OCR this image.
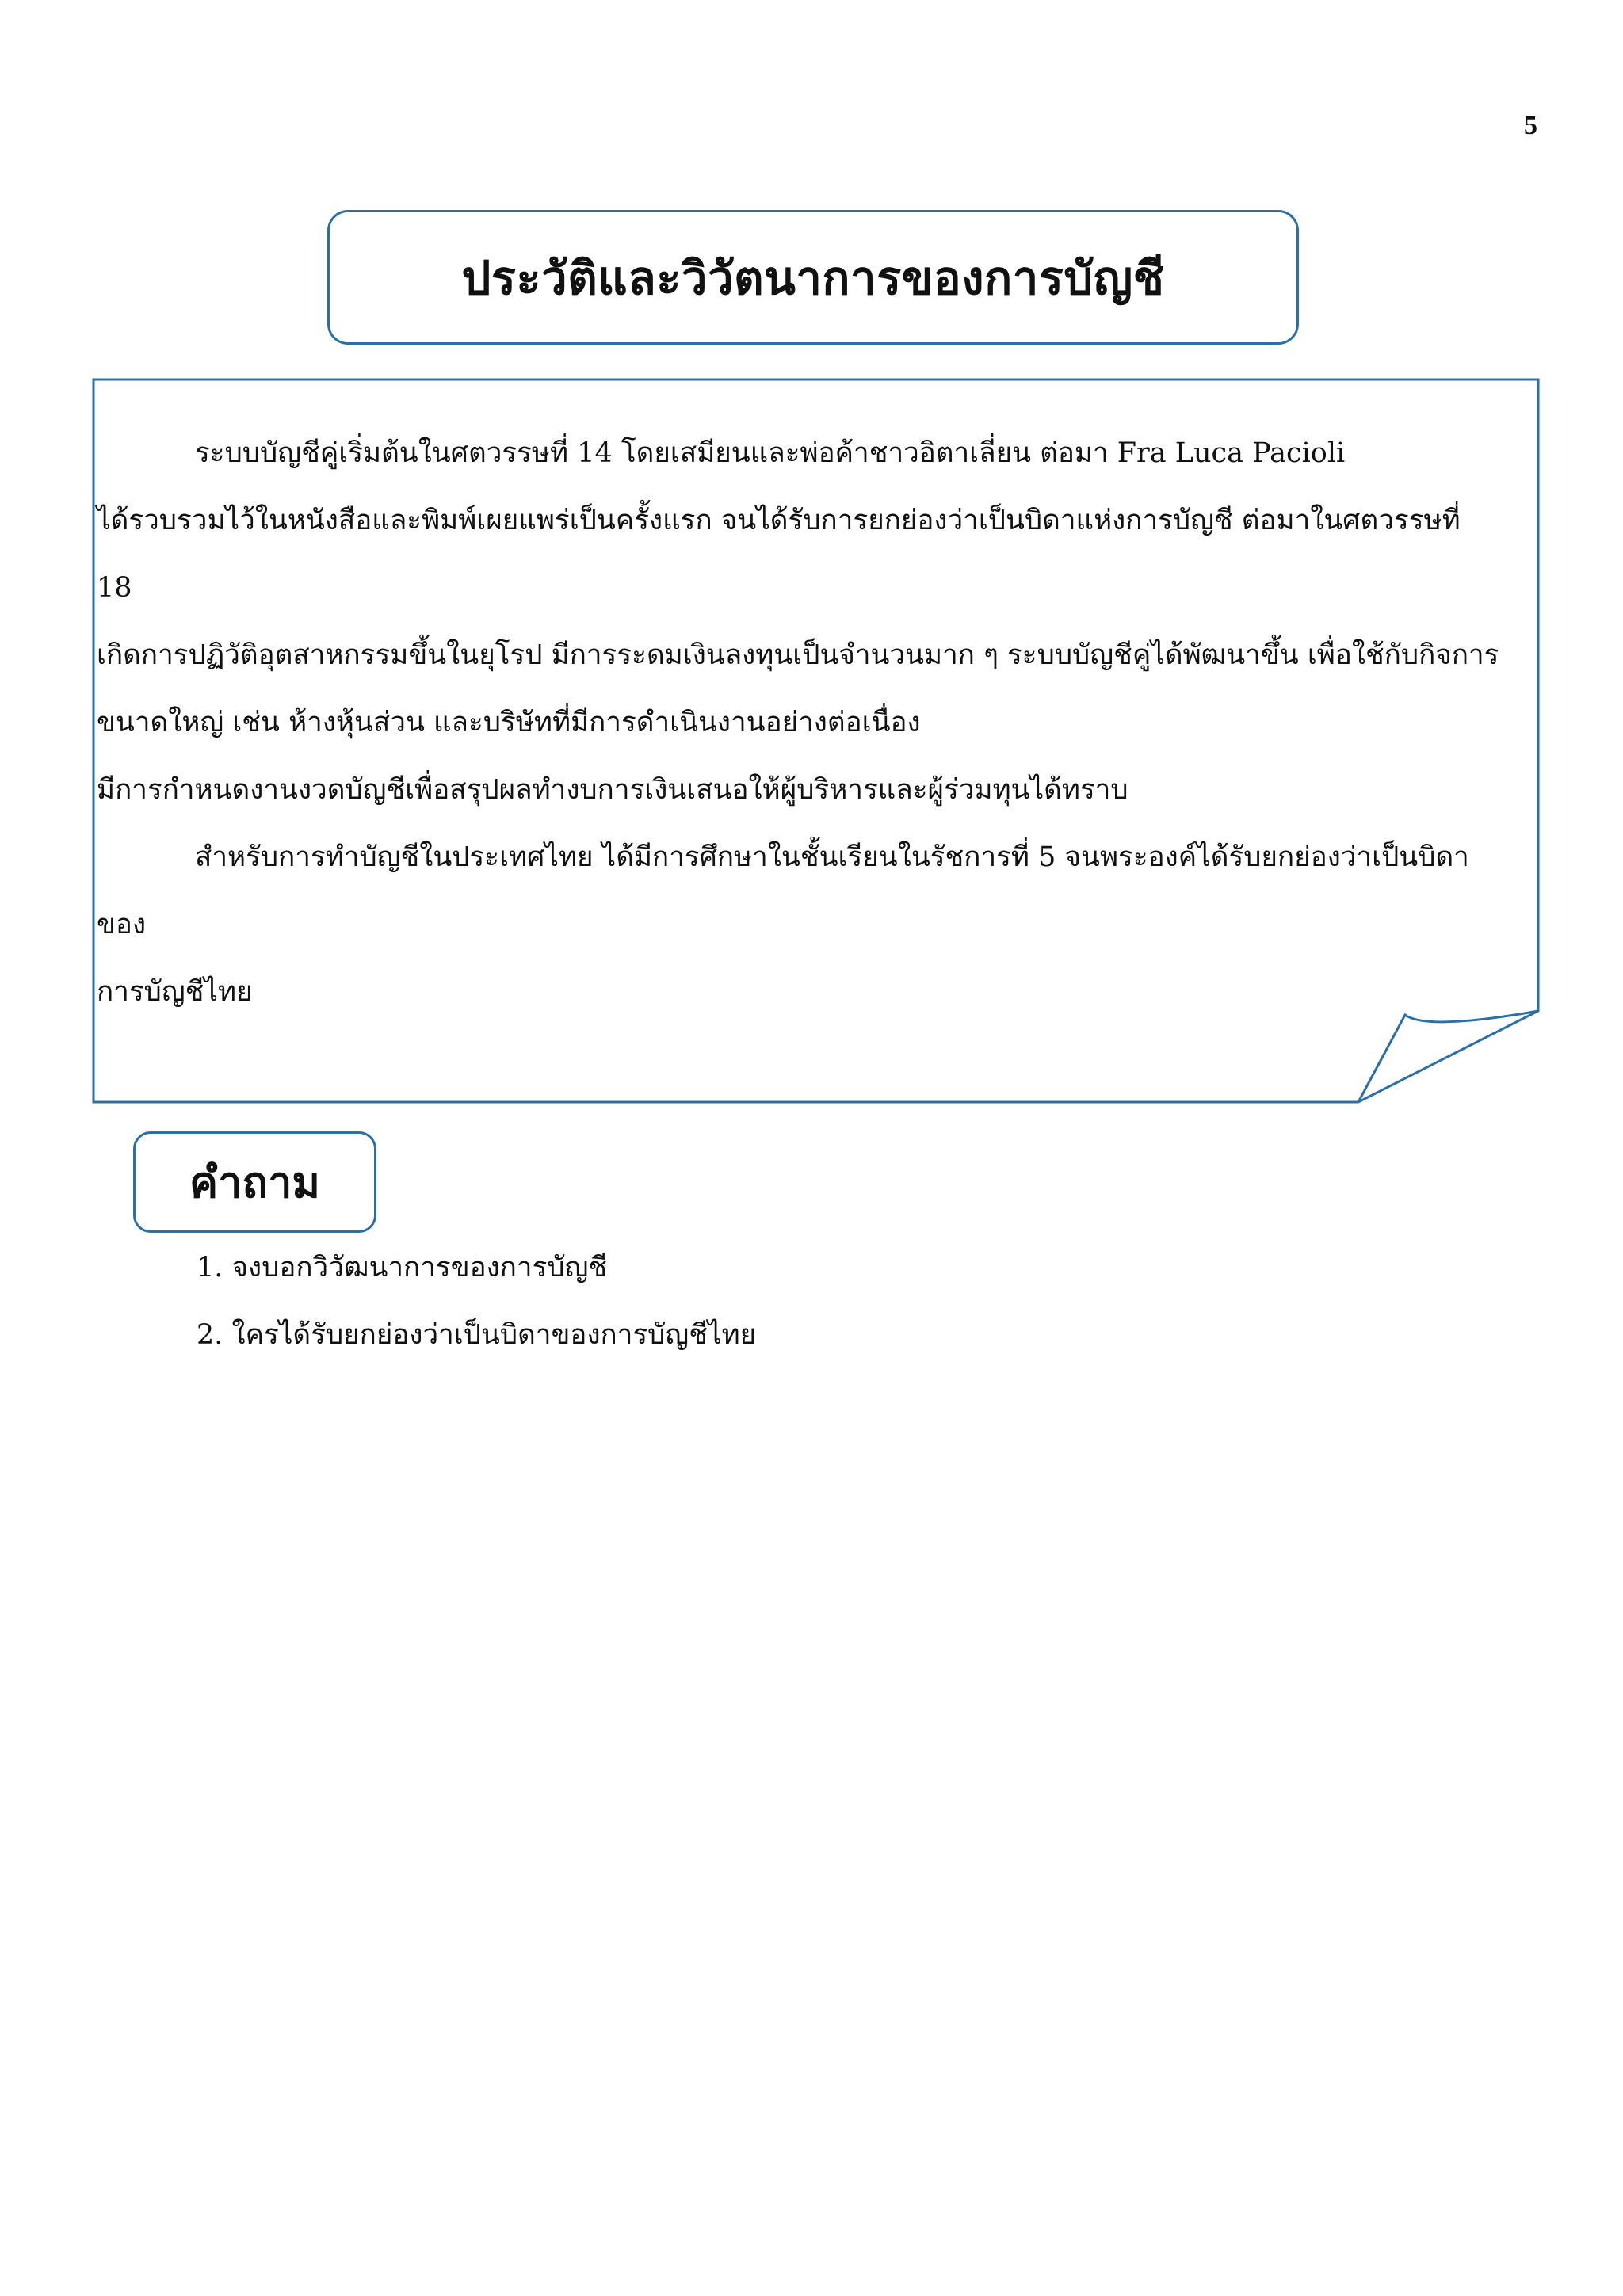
5
ประวัติและวิวัตนาการของการบัญชี

ระบบบัญชีคู่เริ่มต้นในศตวรรษที่ 14 โดยเสมียนและพ่อค้าชาวอิตาเลี่ยน ต่อมา Fra Luca Pacioli

ได้รวบรวมไว้ในหนังสือและพิมพ์เผยแพร่เป็นครั้งแรก จนได้รับการยกย่องว่าเป็นบิดาแห่งการบัญชี ต่อมาในศตวรรษที่ 18

เกิดการปฏิวัติอุตสาหกรรมขึ้นในยุโรป มีการระดมเงินลงทุนเป็นจำนวนมาก ๆ ระบบบัญชีคู่ได้พัฒนาขึ้น เพื่อใช้กับกิจการ

ขนาดใหญ่ เช่น ห้างหุ้นส่วน และบริษัทที่มีการดำเนินงานอย่างต่อเนื่อง

มีการกำหนดงานงวดบัญชีเพื่อสรุปผลทำงบการเงินเสนอให้ผู้บริหารและผู้ร่วมทุนได้ทราบ

สำหรับการทำบัญชีในประเทศไทย ได้มีการศึกษาในชั้นเรียนในรัชการที่ 5 จนพระองค์ได้รับยกย่องว่าเป็นบิดาของ

การบัญชีไทย

คำถาม

1. จงบอกวิวัฒนาการของการบัญชี

2. ใครได้รับยกย่องว่าเป็นบิดาของการบัญชีไทย
